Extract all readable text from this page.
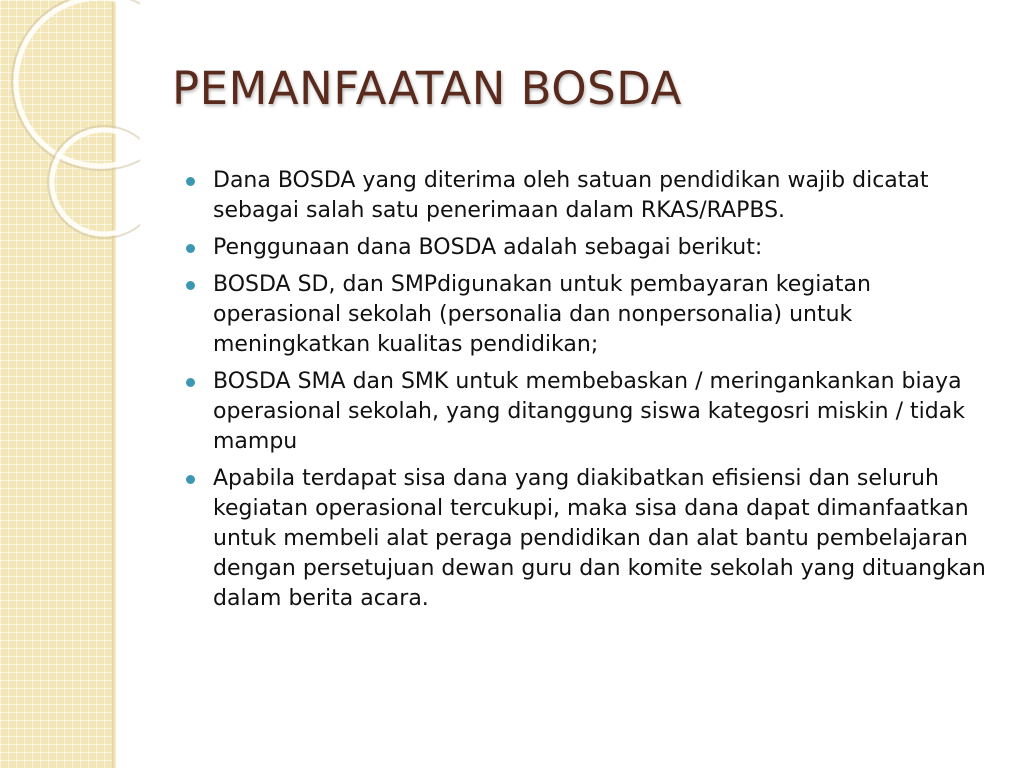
PEMANFAATAN BOSDA
Dana BOSDA yang diterima oleh satuan pendidikan wajib dicatat sebagai salah satu penerimaan dalam RKAS/RAPBS.
Penggunaan dana BOSDA adalah sebagai berikut:
BOSDA SD, dan SMPdigunakan untuk pembayaran kegiatan operasional sekolah (personalia dan nonpersonalia) untuk meningkatkan kualitas pendidikan;
BOSDA SMA dan SMK untuk membebaskan / meringankankan biaya operasional sekolah, yang ditanggung siswa kategosri miskin / tidak mampu
Apabila terdapat sisa dana yang diakibatkan efisiensi dan seluruh kegiatan operasional tercukupi, maka sisa dana dapat dimanfaatkan untuk membeli alat peraga pendidikan dan alat bantu pembelajaran dengan persetujuan dewan guru dan komite sekolah yang dituangkan dalam berita acara.
